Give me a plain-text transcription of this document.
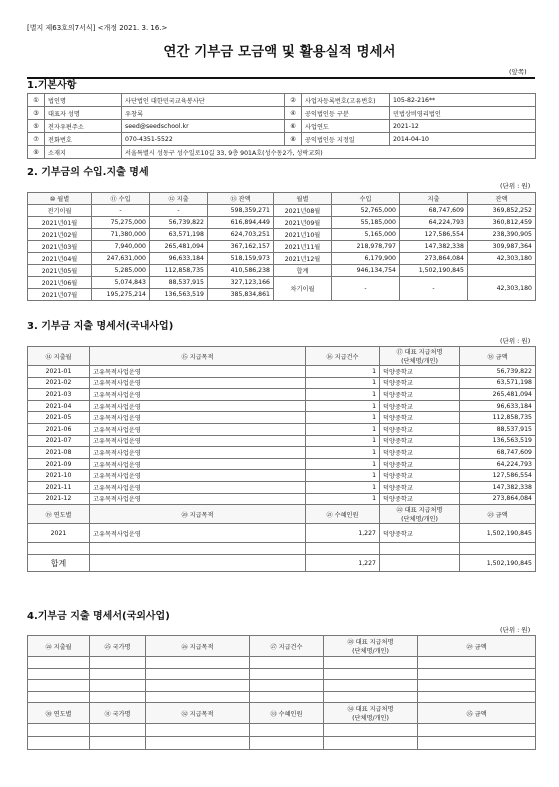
[별지 제63호의7서식] <개정 2021. 3. 16.>
연간 기부금 모금액 및 활용실적 명세서
(앞쪽)
1.기본사항
①	법인명	사단법인 대한민국교육봉사단	②	사업자등록번호(고유번호)	105-82-216**
③	대표자 성명	우창록	④	공익법인등 구분	민법상비영리법인
⑤	전자우편주소	seed@seedschool.kr	⑥	사업연도	2021-12
⑦	전화번호	070-4351-5522	⑧	공익법인등 지정일	2014-04-10
⑨	소재지	서울특별시 성동구 성수일로10길 33, 9층 901A호(성수동2가, 성락교회)			
2. 기부금의 수입.지출 명세
(단위 : 원)
⑩ 월별	⑪ 수입	⑫ 지출	⑬ 잔액	월별	수입	지출	잔액
전기이월	-	-	598,359,271	2021년08월	52,765,000	68,747,609	369,852,252
2021년01월	75,275,000	56,739,822	616,894,449	2021년09월	55,185,000	64,224,793	360,812,459
2021년02월	71,380,000	63,571,198	624,703,251	2021년10월	5,165,000	127,586,554	238,390,905
2021년03월	7,940,000	265,481,094	367,162,157	2021년11월	218,978,797	147,382,338	309,987,364
2021년04월	247,631,000	96,633,184	518,159,973	2021년12월	6,179,900	273,864,084	42,303,180
2021년05월	5,285,000	112,858,735	410,586,238	합계	946,134,754	1,502,190,845	
2021년06월	5,074,843	88,537,915	327,123,166	차기이월	-	-	42,303,180
2021년07월	195,275,214	136,563,519	385,834,861				
3. 기부금 지출 명세서(국내사업)
(단위 : 원)
⑭ 지출월	⑮ 지급목적	⑯ 지급건수	⑰ 대표 지급처명
(단체명/개인)	⑱ 금액
2021-01	고유목적사업운영	1	덕양중학교	56,739,822
2021-02	고유목적사업운영	1	덕양중학교	63,571,198
2021-03	고유목적사업운영	1	덕양중학교	265,481,094
2021-04	고유목적사업운영	1	덕양중학교	96,633,184
2021-05	고유목적사업운영	1	덕양중학교	112,858,735
2021-06	고유목적사업운영	1	덕양중학교	88,537,915
2021-07	고유목적사업운영	1	덕양중학교	136,563,519
2021-08	고유목적사업운영	1	덕양중학교	68,747,609
2021-09	고유목적사업운영	1	덕양중학교	64,224,793
2021-10	고유목적사업운영	1	덕양중학교	127,586,554
2021-11	고유목적사업운영	1	덕양중학교	147,382,338
2021-12	고유목적사업운영	1	덕양중학교	273,864,084
⑲ 연도별	⑳ 지급목적	㉑ 수혜인원	㉒ 대표 지급처명
(단체명/개인)	㉓ 금액
2021	고유목적사업운영	1,227	덕양중학교	1,502,190,845

합계		1,227		1,502,190,845
4.기부금 지출 명세서(국외사업)
(단위 : 원)
㉔ 지출월	㉕ 국가명	㉖ 지급목적	㉗ 지급건수	㉘ 대표 지급처명
(단체명/개인)	㉙ 금액

㉚ 연도별	㉛ 국가명	㉜ 지급목적	㉝ 수혜인원	㉞ 대표 지급처명
(단체명/개인)	㉟ 금액
